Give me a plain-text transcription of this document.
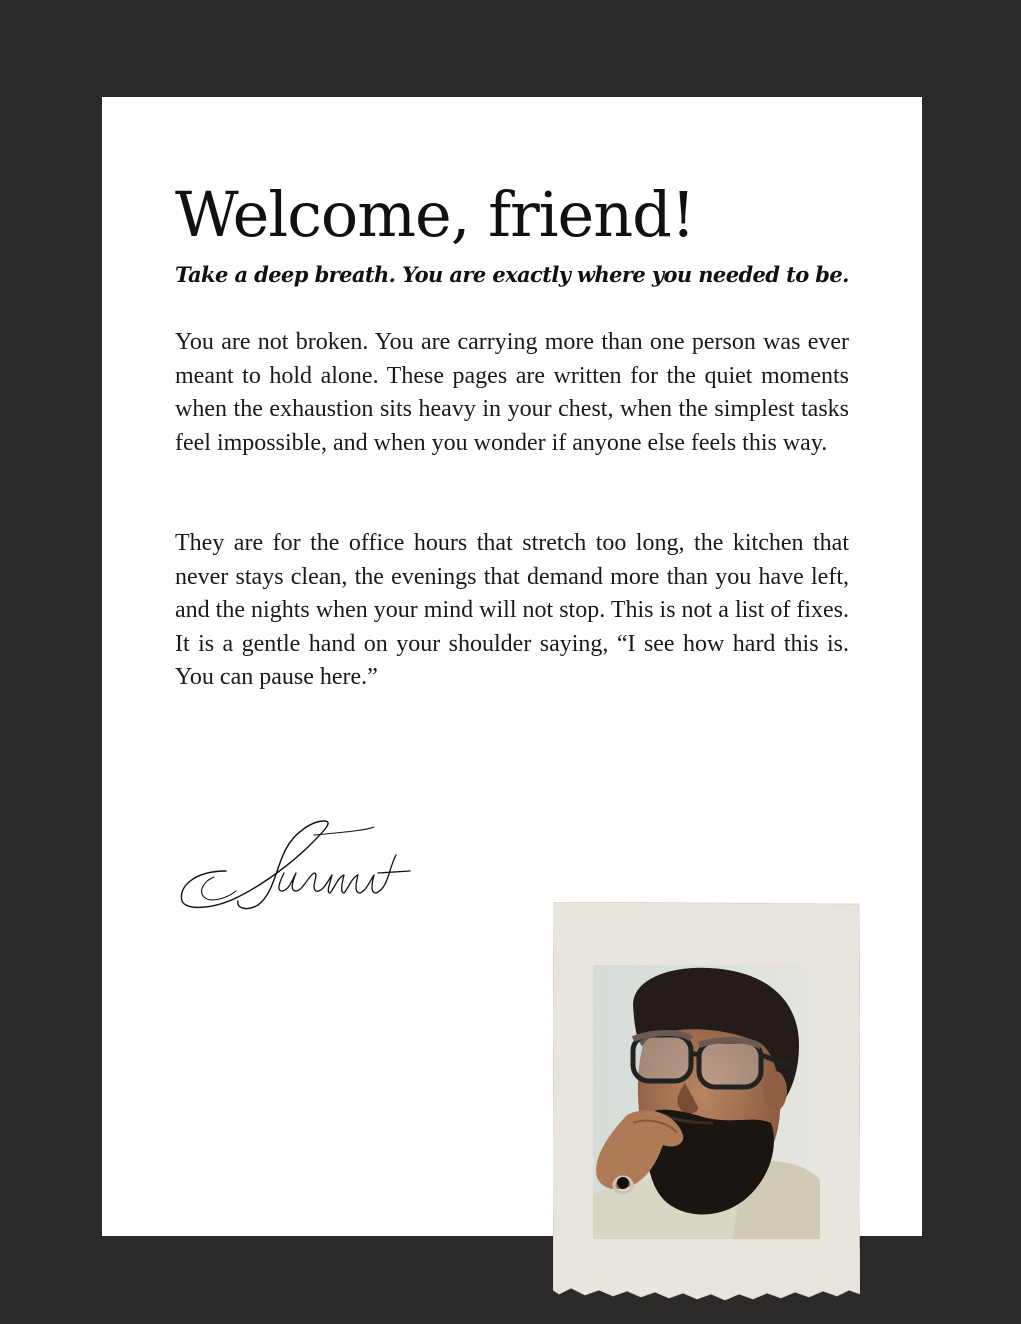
Welcome, friend!

Take a deep breath. You are exactly where you needed to be.

You are not broken. You are carrying more than one person was ever meant to hold alone. These pages are written for the quiet moments when the exhaustion sits heavy in your chest, when the simplest tasks feel impossible, and when you wonder if anyone else feels this way.

They are for the office hours that stretch too long, the kitchen that never stays clean, the evenings that demand more than you have left, and the nights when your mind will not stop. This is not a list of fixes. It is a gentle hand on your shoulder saying, “I see how hard this is. You can pause here.”
